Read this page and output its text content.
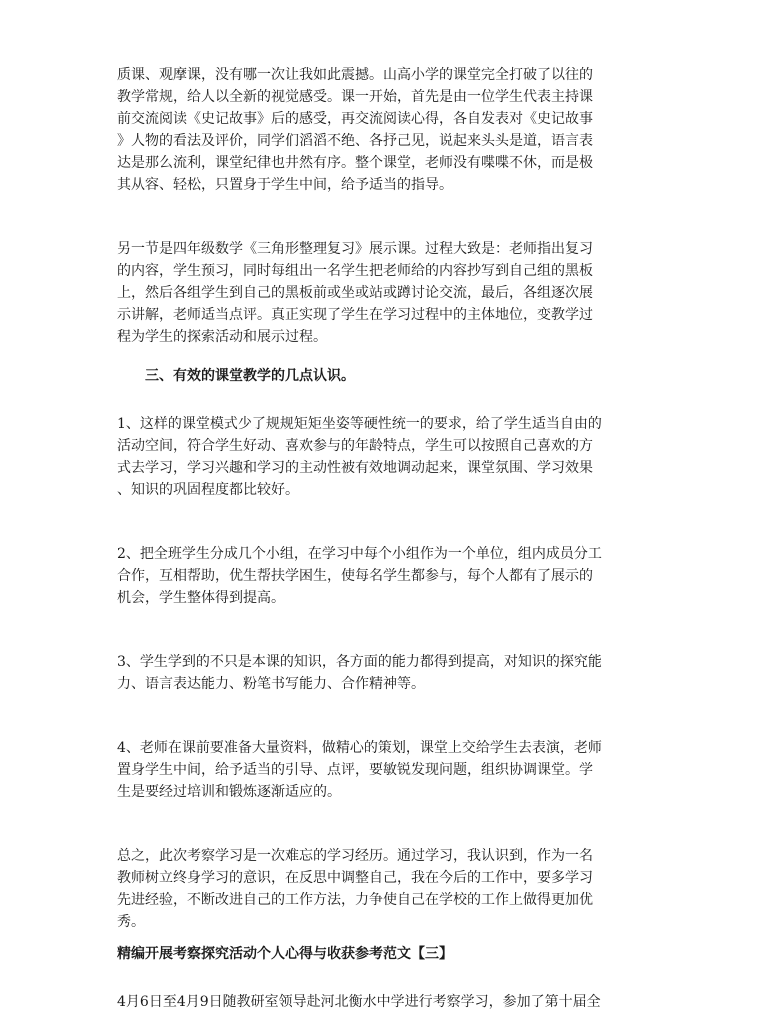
质课、观摩课，没有哪一次让我如此震撼。山高小学的课堂完全打破了以往的
教学常规，给人以全新的视觉感受。课一开始，首先是由一位学生代表主持课
前交流阅读《史记故事》后的感受，再交流阅读心得，各自发表对《史记故事
》人物的看法及评价，同学们滔滔不绝、各抒己见，说起来头头是道，语言表
达是那么流利，课堂纪律也井然有序。整个课堂，老师没有喋喋不休，而是极
其从容、轻松，只置身于学生中间，给予适当的指导。

另一节是四年级数学《三角形整理复习》展示课。过程大致是：老师指出复习
的内容，学生预习，同时每组出一名学生把老师给的内容抄写到自己组的黑板
上，然后各组学生到自己的黑板前或坐或站或蹲讨论交流，最后，各组逐次展
示讲解，老师适当点评。真正实现了学生在学习过程中的主体地位，变教学过
程为学生的探索活动和展示过程。

三、有效的课堂教学的几点认识。

1、这样的课堂模式少了规规矩矩坐姿等硬性统一的要求，给了学生适当自由的
活动空间，符合学生好动、喜欢参与的年龄特点，学生可以按照自己喜欢的方
式去学习，学习兴趣和学习的主动性被有效地调动起来，课堂氛围、学习效果
、知识的巩固程度都比较好。

2、把全班学生分成几个小组，在学习中每个小组作为一个单位，组内成员分工
合作，互相帮助，优生帮扶学困生，使每名学生都参与，每个人都有了展示的
机会，学生整体得到提高。

3、学生学到的不只是本课的知识，各方面的能力都得到提高，对知识的探究能
力、语言表达能力、粉笔书写能力、合作精神等。

4、老师在课前要准备大量资料，做精心的策划，课堂上交给学生去表演，老师
置身学生中间，给予适当的引导、点评，要敏锐发现问题，组织协调课堂。学
生是要经过培训和锻炼逐渐适应的。

总之，此次考察学习是一次难忘的学习经历。通过学习，我认识到，作为一名
教师树立终身学习的意识，在反思中调整自己，我在今后的工作中，要多学习
先进经验，不断改进自己的工作方法，力争使自己在学校的工作上做得更加优
秀。

精编开展考察探究活动个人心得与收获参考范文【三】

4月6日至4月9日随教研室领导赴河北衡水中学进行考察学习，参加了第十届全
